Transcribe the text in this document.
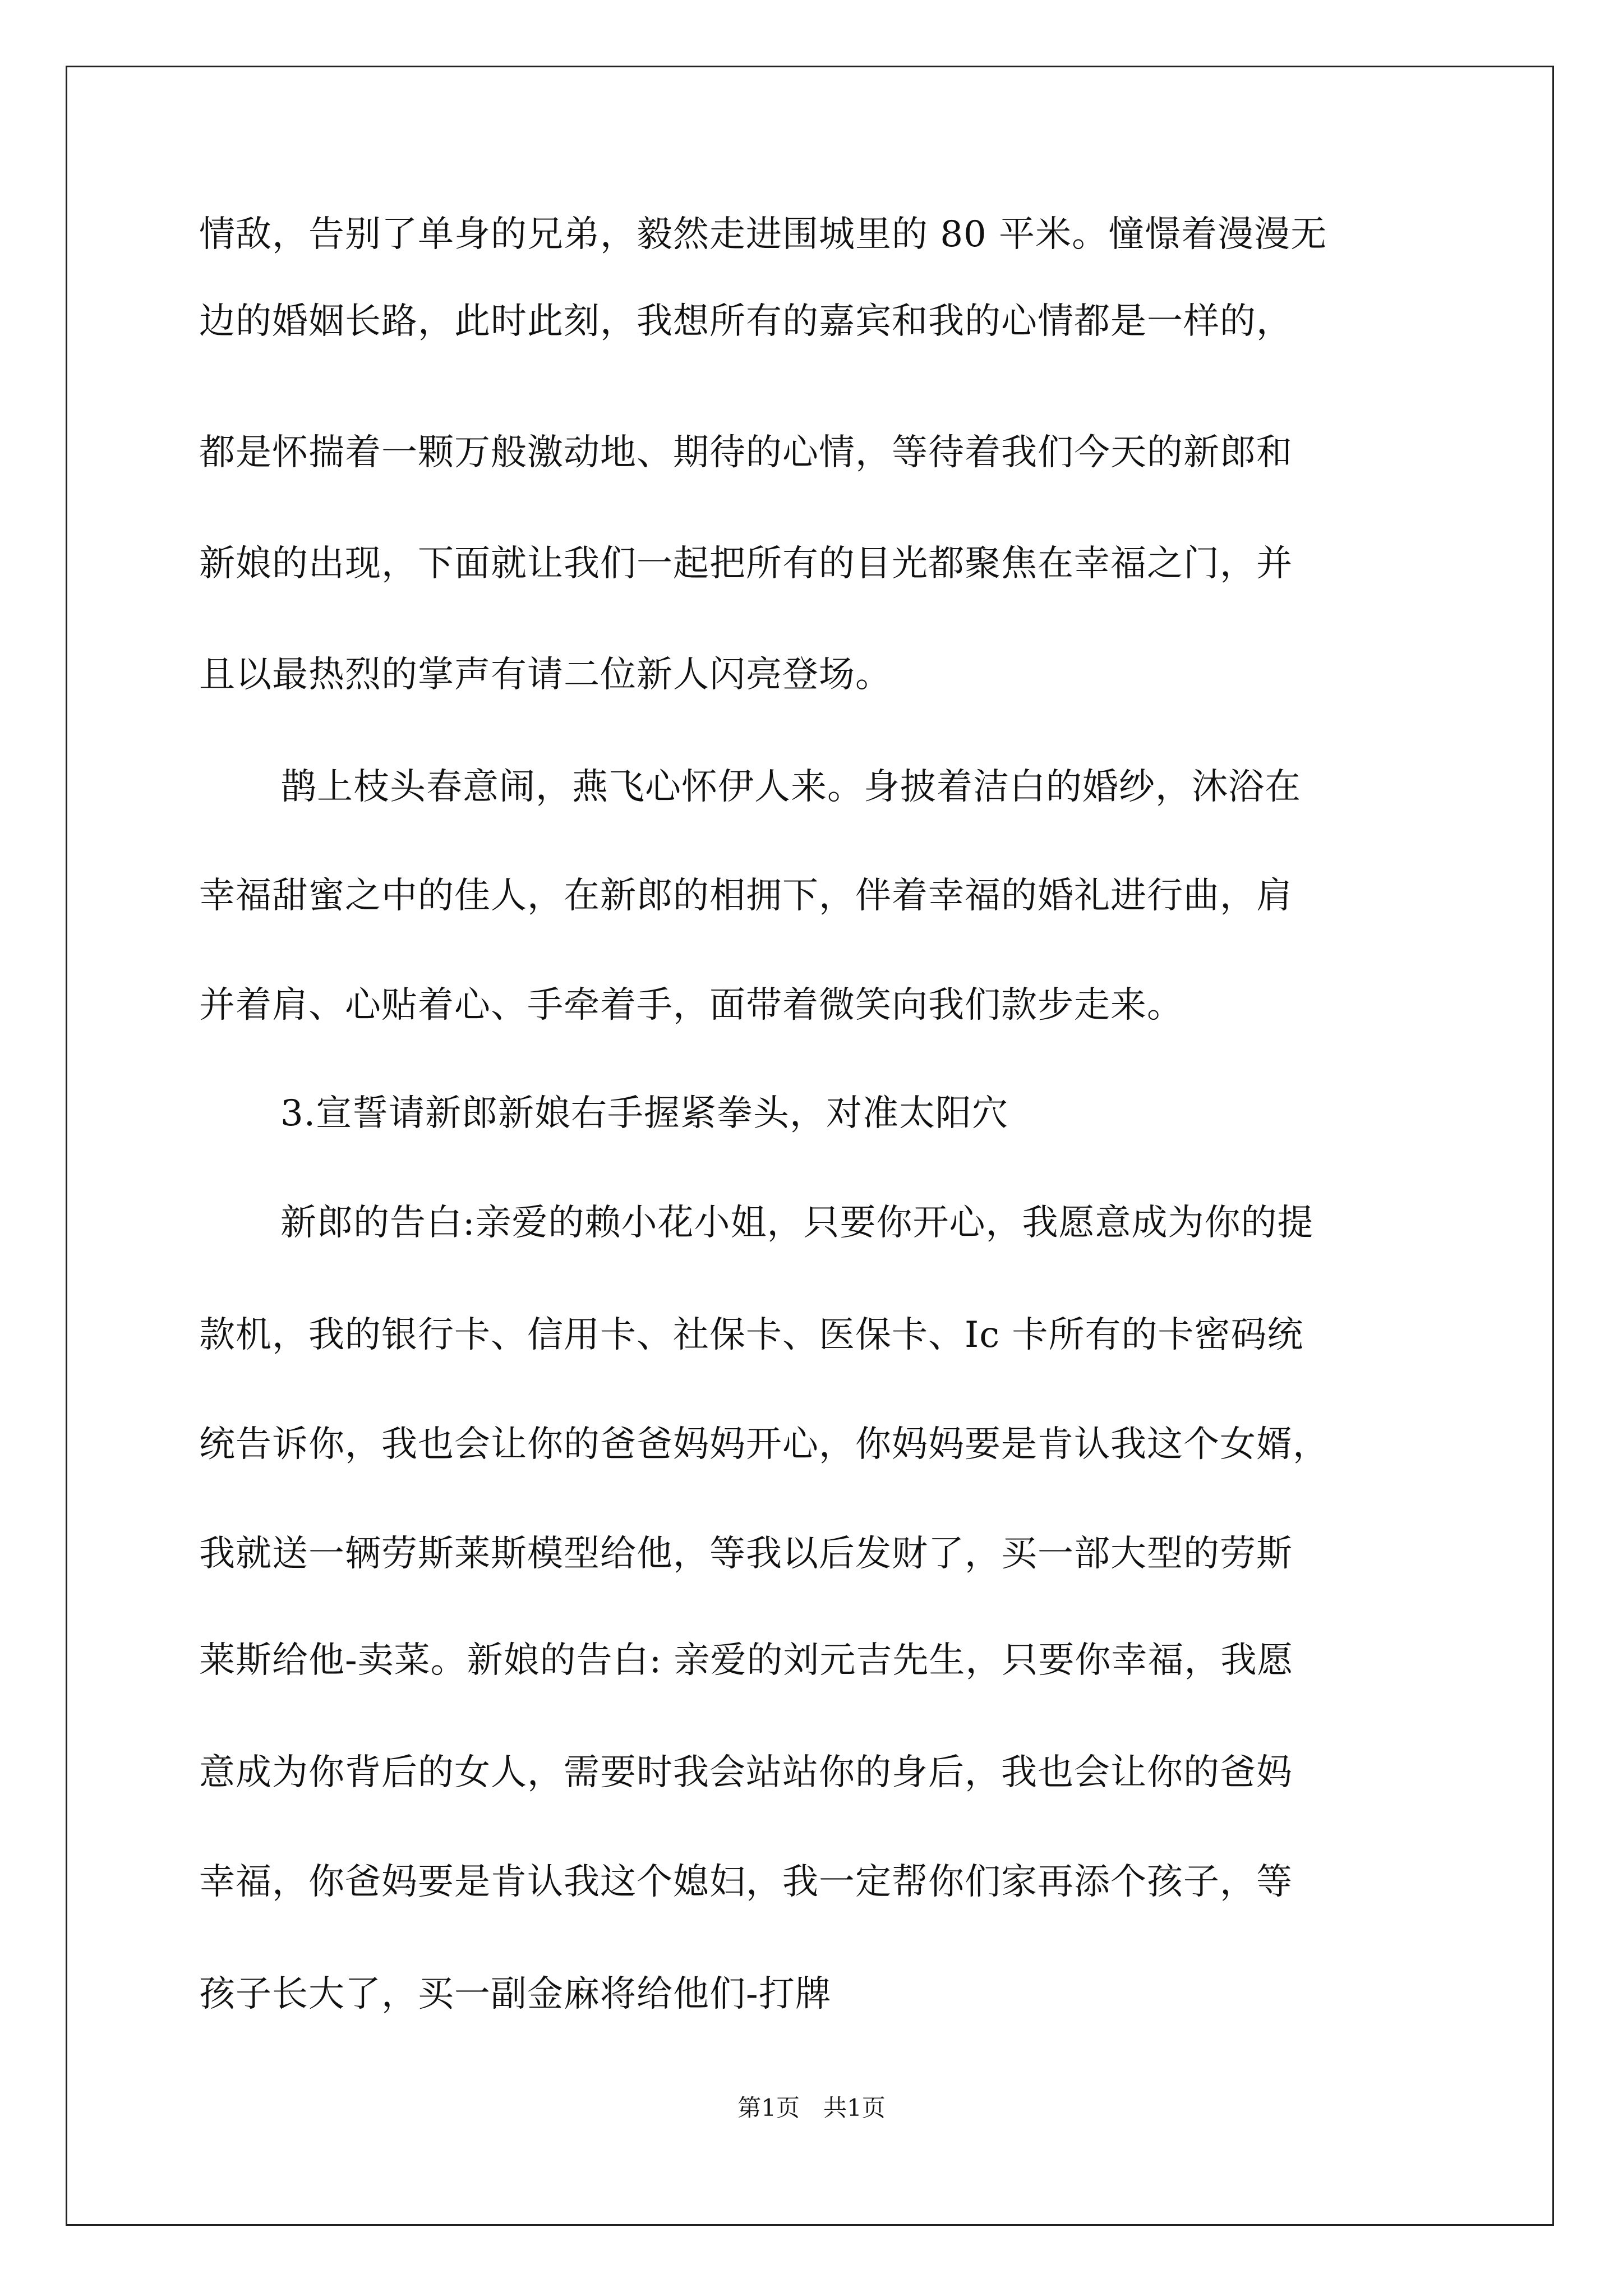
情敌，告别了单身的兄弟，毅然走进围城里的 80 平米。憧憬着漫漫无
边的婚姻长路，此时此刻，我想所有的嘉宾和我的心情都是一样的，
都是怀揣着一颗万般激动地、期待的心情，等待着我们今天的新郎和
新娘的出现，下面就让我们一起把所有的目光都聚焦在幸福之门，并
且以最热烈的掌声有请二位新人闪亮登场。
鹊上枝头春意闹，燕飞心怀伊人来。身披着洁白的婚纱，沐浴在
幸福甜蜜之中的佳人，在新郎的相拥下，伴着幸福的婚礼进行曲，肩
并着肩、心贴着心、手牵着手，面带着微笑向我们款步走来。
3.宣誓请新郎新娘右手握紧拳头，对准太阳穴
新郎的告白:亲爱的赖小花小姐，只要你开心，我愿意成为你的提
款机，我的银行卡、信用卡、社保卡、医保卡、Ic 卡所有的卡密码统
统告诉你，我也会让你的爸爸妈妈开心，你妈妈要是肯认我这个女婿，
我就送一辆劳斯莱斯模型给他，等我以后发财了，买一部大型的劳斯
莱斯给他-卖菜。新娘的告白: 亲爱的刘元吉先生，只要你幸福，我愿
意成为你背后的女人，需要时我会站站你的身后，我也会让你的爸妈
幸福，你爸妈要是肯认我这个媳妇，我一定帮你们家再添个孩子，等
孩子长大了，买一副金麻将给他们-打牌
第1页　共1页
